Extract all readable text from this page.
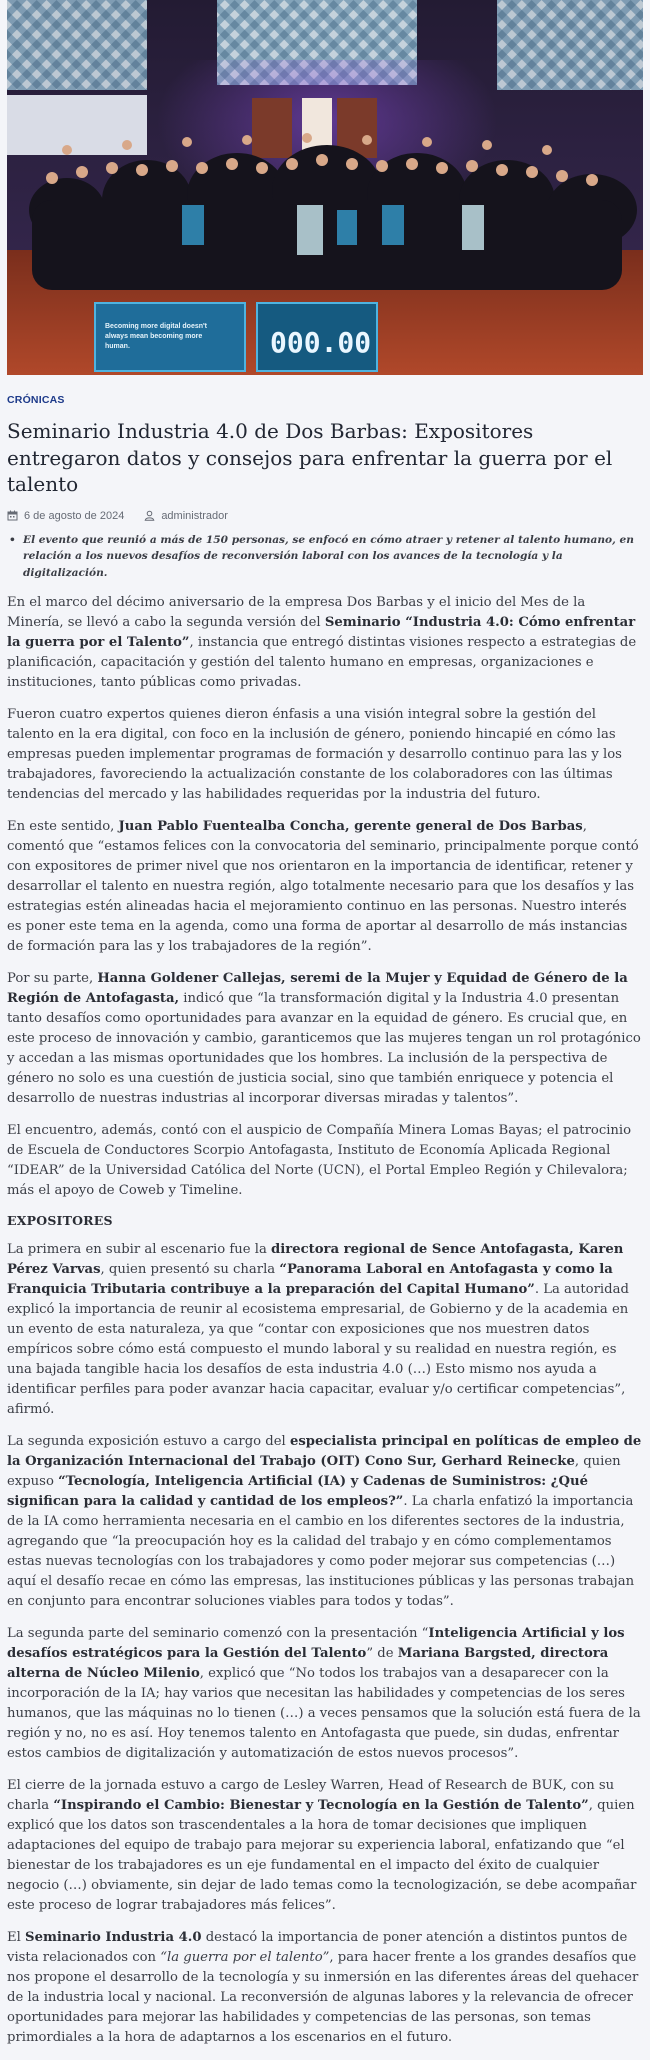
Becoming more digital doesn't
always mean becoming more
human.	000.00
CRÓNICAS
Seminario Industria 4.0 de Dos Barbas: Expositores entregaron datos y consejos para enfrentar la guerra por el talento
6 de agosto de 2024	administrador
• El evento que reunió a más de 150 personas, se enfocó en cómo atraer y retener al talento humano, en relación a los nuevos desafíos de reconversión laboral con los avances de la tecnología y la digitalización.

En el marco del décimo aniversario de la empresa Dos Barbas y el inicio del Mes de la Minería, se llevó a cabo la segunda versión del Seminario “Industria 4.0: Cómo enfrentar la guerra por el Talento”, instancia que entregó distintas visiones respecto a estrategias de planificación, capacitación y gestión del talento humano en empresas, organizaciones e instituciones, tanto públicas como privadas.

Fueron cuatro expertos quienes dieron énfasis a una visión integral sobre la gestión del talento en la era digital, con foco en la inclusión de género, poniendo hincapié en cómo las empresas pueden implementar programas de formación y desarrollo continuo para las y los trabajadores, favoreciendo la actualización constante de los colaboradores con las últimas tendencias del mercado y las habilidades requeridas por la industria del futuro.

En este sentido, Juan Pablo Fuentealba Concha, gerente general de Dos Barbas, comentó que “estamos felices con la convocatoria del seminario, principalmente porque contó con expositores de primer nivel que nos orientaron en la importancia de identificar, retener y desarrollar el talento en nuestra región, algo totalmente necesario para que los desafíos y las estrategias estén alineadas hacia el mejoramiento continuo en las personas. Nuestro interés es poner este tema en la agenda, como una forma de aportar al desarrollo de más instancias de formación para las y los trabajadores de la región”.

Por su parte, Hanna Goldener Callejas, seremi de la Mujer y Equidad de Género de la Región de Antofagasta, indicó que “la transformación digital y la Industria 4.0 presentan tanto desafíos como oportunidades para avanzar en la equidad de género. Es crucial que, en este proceso de innovación y cambio, garanticemos que las mujeres tengan un rol protagónico y accedan a las mismas oportunidades que los hombres. La inclusión de la perspectiva de género no solo es una cuestión de justicia social, sino que también enriquece y potencia el desarrollo de nuestras industrias al incorporar diversas miradas y talentos”.

El encuentro, además, contó con el auspicio de Compañía Minera Lomas Bayas; el patrocinio de Escuela de Conductores Scorpio Antofagasta, Instituto de Economía Aplicada Regional “IDEAR” de la Universidad Católica del Norte (UCN), el Portal Empleo Región y Chilevalora; más el apoyo de Coweb y Timeline.

EXPOSITORES

La primera en subir al escenario fue la directora regional de Sence Antofagasta, Karen Pérez Varvas, quien presentó su charla “Panorama Laboral en Antofagasta y como la Franquicia Tributaria contribuye a la preparación del Capital Humano”. La autoridad explicó la importancia de reunir al ecosistema empresarial, de Gobierno y de la academia en un evento de esta naturaleza, ya que “contar con exposiciones que nos muestren datos empíricos sobre cómo está compuesto el mundo laboral y su realidad en nuestra región, es una bajada tangible hacia los desafíos de esta industria 4.0 (…) Esto mismo nos ayuda a identificar perfiles para poder avanzar hacia capacitar, evaluar y/o certificar competencias”, afirmó.

La segunda exposición estuvo a cargo del especialista principal en políticas de empleo de la Organización Internacional del Trabajo (OIT) Cono Sur, Gerhard Reinecke, quien expuso “Tecnología, Inteligencia Artificial (IA) y Cadenas de Suministros: ¿Qué significan para la calidad y cantidad de los empleos?”. La charla enfatizó la importancia de la IA como herramienta necesaria en el cambio en los diferentes sectores de la industria, agregando que “la preocupación hoy es la calidad del trabajo y en cómo complementamos estas nuevas tecnologías con los trabajadores y como poder mejorar sus competencias (…) aquí el desafío recae en cómo las empresas, las instituciones públicas y las personas trabajan en conjunto para encontrar soluciones viables para todos y todas”.

La segunda parte del seminario comenzó con la presentación “Inteligencia Artificial y los desafíos estratégicos para la Gestión del Talento” de Mariana Bargsted, directora alterna de Núcleo Milenio, explicó que “No todos los trabajos van a desaparecer con la incorporación de la IA; hay varios que necesitan las habilidades y competencias de los seres humanos, que las máquinas no lo tienen (…) a veces pensamos que la solución está fuera de la región y no, no es así. Hoy tenemos talento en Antofagasta que puede, sin dudas, enfrentar estos cambios de digitalización y automatización de estos nuevos procesos”.

El cierre de la jornada estuvo a cargo de Lesley Warren, Head of Research de BUK, con su charla “Inspirando el Cambio: Bienestar y Tecnología en la Gestión de Talento”, quien explicó que los datos son trascendentales a la hora de tomar decisiones que impliquen adaptaciones del equipo de trabajo para mejorar su experiencia laboral, enfatizando que “el bienestar de los trabajadores es un eje fundamental en el impacto del éxito de cualquier negocio (…) obviamente, sin dejar de lado temas como la tecnologización, se debe acompañar este proceso de lograr trabajadores más felices”.

El Seminario Industria 4.0 destacó la importancia de poner atención a distintos puntos de vista relacionados con “la guerra por el talento”, para hacer frente a los grandes desafíos que nos propone el desarrollo de la tecnología y su inmersión en las diferentes áreas del quehacer de la industria local y nacional. La reconversión de algunas labores y la relevancia de ofrecer oportunidades para mejorar las habilidades y competencias de las personas, son temas primordiales a la hora de adaptarnos a los escenarios en el futuro.
